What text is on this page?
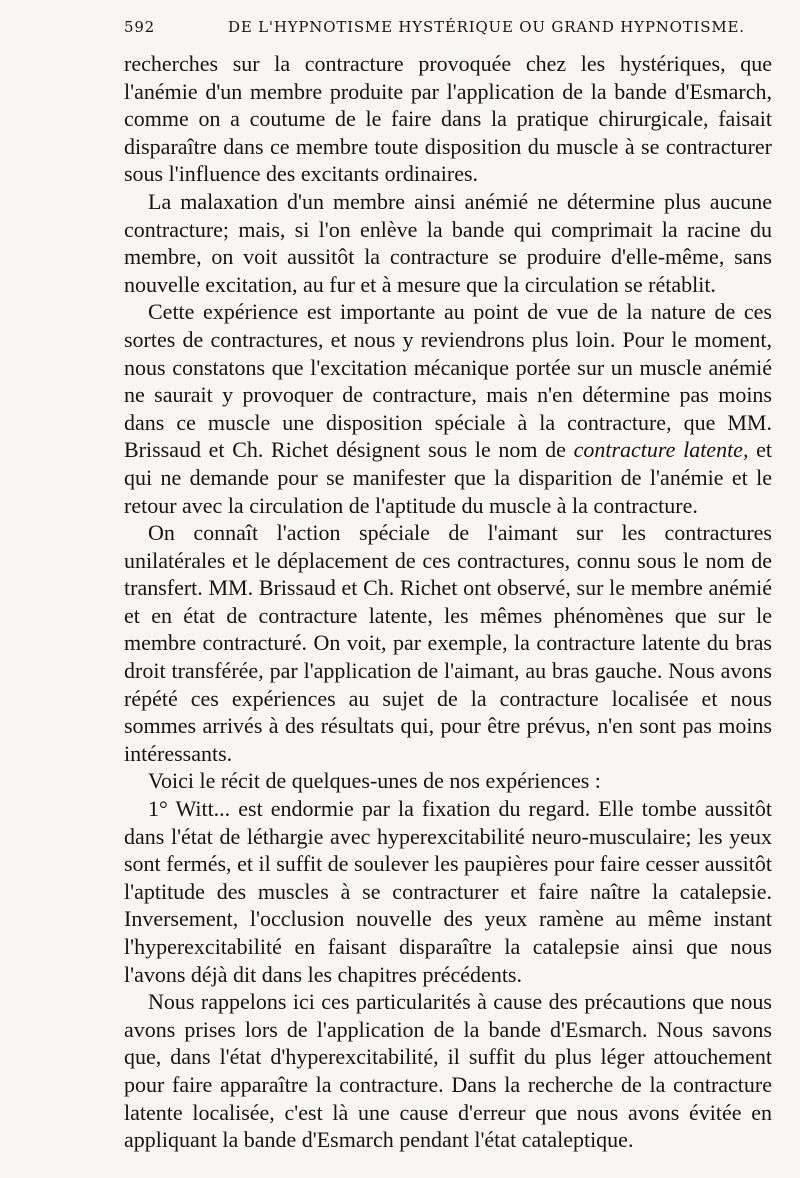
592	DE L'HYPNOTISME HYSTÉRIQUE OU GRAND HYPNOTISME.

recherches sur la contracture provoquée chez les hystériques, que l'anémie d'un membre produite par l'application de la bande d'Esmarch, comme on a coutume de le faire dans la pratique chirurgicale, faisait disparaître dans ce membre toute disposition du muscle à se contracturer sous l'influence des excitants ordinaires.

La malaxation d'un membre ainsi anémié ne détermine plus aucune contracture; mais, si l'on enlève la bande qui comprimait la racine du membre, on voit aussitôt la contracture se produire d'elle-même, sans nouvelle excitation, au fur et à mesure que la circulation se rétablit.

Cette expérience est importante au point de vue de la nature de ces sortes de contractures, et nous y reviendrons plus loin. Pour le moment, nous constatons que l'excitation mécanique portée sur un muscle anémié ne saurait y provoquer de contracture, mais n'en détermine pas moins dans ce muscle une disposition spéciale à la contracture, que MM. Brissaud et Ch. Richet désignent sous le nom de contracture latente, et qui ne demande pour se manifester que la disparition de l'anémie et le retour avec la circulation de l'aptitude du muscle à la contracture.

On connaît l'action spéciale de l'aimant sur les contractures unilatérales et le déplacement de ces contractures, connu sous le nom de transfert. MM. Brissaud et Ch. Richet ont observé, sur le membre anémié et en état de contracture latente, les mêmes phénomènes que sur le membre contracturé. On voit, par exemple, la contracture latente du bras droit transférée, par l'application de l'aimant, au bras gauche. Nous avons répété ces expériences au sujet de la contracture localisée et nous sommes arrivés à des résultats qui, pour être prévus, n'en sont pas moins intéressants.

Voici le récit de quelques-unes de nos expériences :

1° Witt... est endormie par la fixation du regard. Elle tombe aussitôt dans l'état de léthargie avec hyperexcitabilité neuro-musculaire; les yeux sont fermés, et il suffit de soulever les paupières pour faire cesser aussitôt l'aptitude des muscles à se contracturer et faire naître la catalepsie. Inversement, l'occlusion nouvelle des yeux ramène au même instant l'hyperexcitabilité en faisant disparaître la catalepsie ainsi que nous l'avons déjà dit dans les chapitres précédents.

Nous rappelons ici ces particularités à cause des précautions que nous avons prises lors de l'application de la bande d'Esmarch. Nous savons que, dans l'état d'hyperexcitabilité, il suffit du plus léger attouchement pour faire apparaître la contracture. Dans la recherche de la contracture latente localisée, c'est là une cause d'erreur que nous avons évitée en appliquant la bande d'Esmarch pendant l'état cataleptique.
